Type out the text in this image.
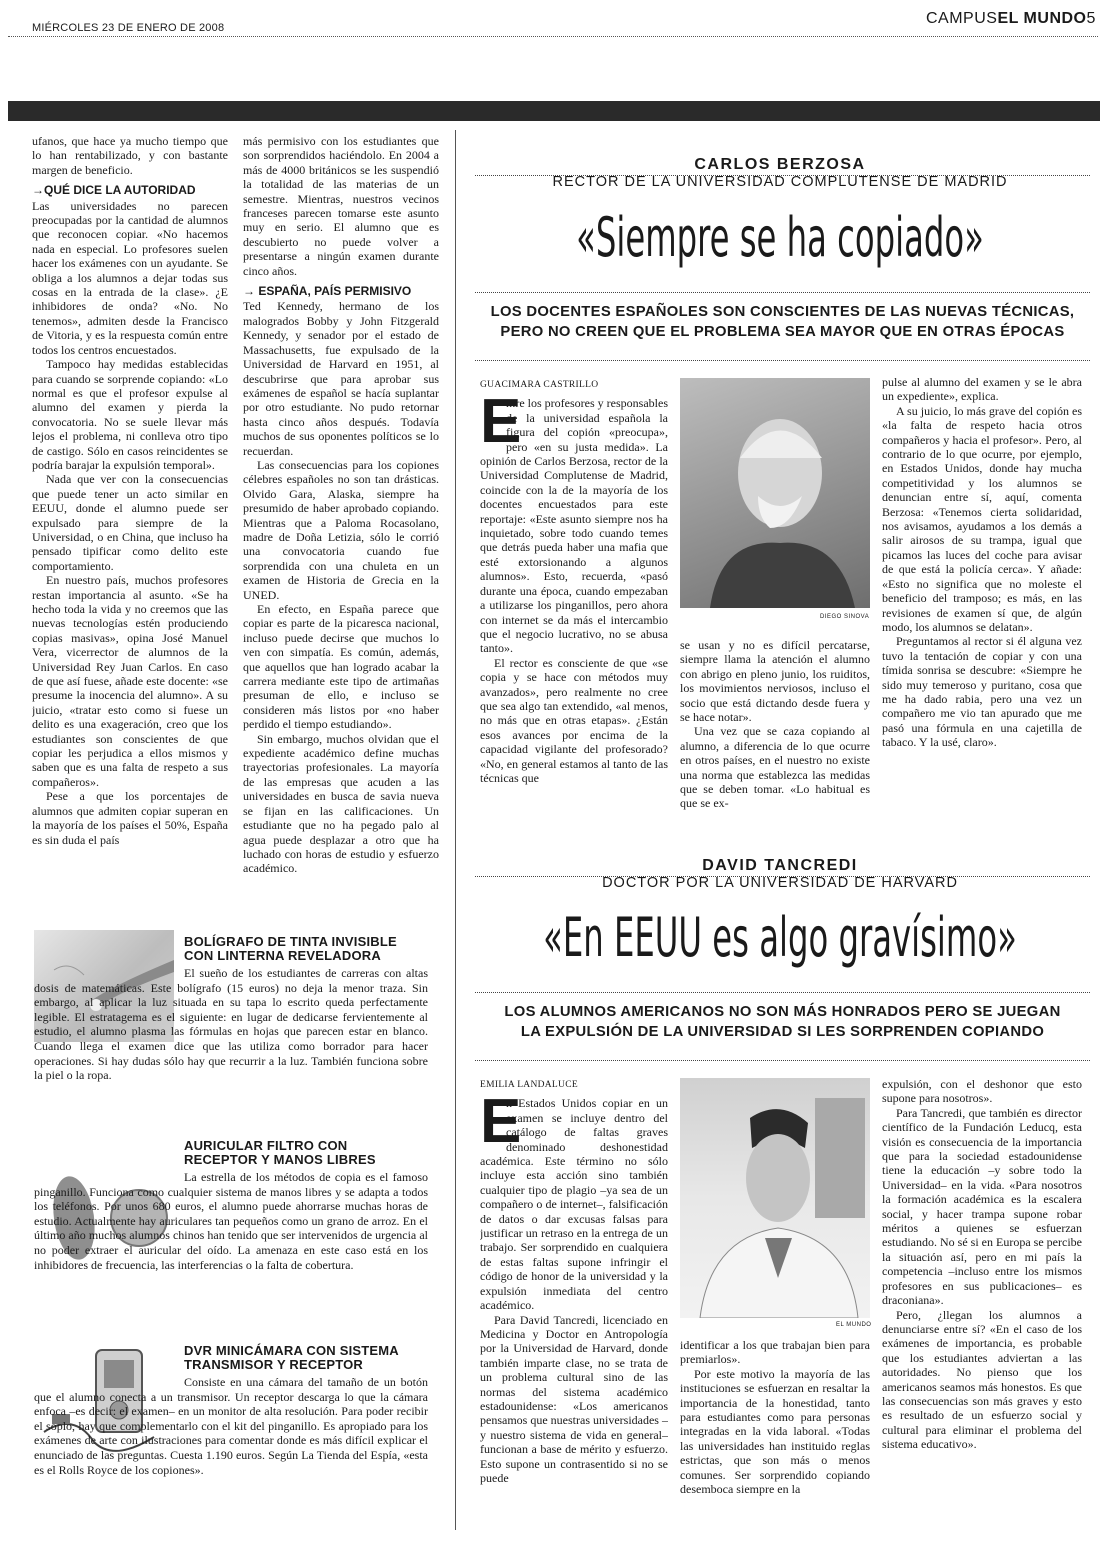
MIÉRCOLES 23 DE ENERO DE 2008
CAMPUSEL MUNDO5

ufanos, que hace ya mucho tiempo que lo han rentabilizado, y con bastante margen de beneficio.

→QUÉ DICE LA AUTORIDAD

Las universidades no parecen preocupadas por la cantidad de alumnos que reconocen copiar. «No hacemos nada en especial. Lo profesores suelen hacer los exámenes con un ayudante. Se obliga a los alumnos a dejar todas sus cosas en la entrada de la clase». ¿E inhibidores de onda? «No. No tenemos», admiten desde la Francisco de Vitoria, y es la respuesta común entre todos los centros encuestados.

Tampoco hay medidas establecidas para cuando se sorprende copiando: «Lo normal es que el profesor expulse al alumno del examen y pierda la convocatoria. No se suele llevar más lejos el problema, ni conlleva otro tipo de castigo. Sólo en casos reincidentes se podría barajar la expulsión temporal».

Nada que ver con la consecuencias que puede tener un acto similar en EEUU, donde el alumno puede ser expulsado para siempre de la Universidad, o en China, que incluso ha pensado tipificar como delito este comportamiento.

En nuestro país, muchos profesores restan importancia al asunto. «Se ha hecho toda la vida y no creemos que las nuevas tecnologías estén produciendo copias masivas», opina José Manuel Vera, vicerrector de alumnos de la Universidad Rey Juan Carlos. En caso de que así fuese, añade este docente: «se presume la inocencia del alumno». A su juicio, «tratar esto como si fuese un delito es una exageración, creo que los estudiantes son conscientes de que copiar les perjudica a ellos mismos y saben que es una falta de respeto a sus compañeros».

Pese a que los porcentajes de alumnos que admiten copiar superan en la mayoría de los países el 50%, España es sin duda el país

más permisivo con los estudiantes que son sorprendidos haciéndolo. En 2004 a más de 4000 británicos se les suspendió la totalidad de las materias de un semestre. Mientras, nuestros vecinos franceses parecen tomarse este asunto muy en serio. El alumno que es descubierto no puede volver a presentarse a ningún examen durante cinco años.

→ ESPAÑA, PAÍS PERMISIVO

Ted Kennedy, hermano de los malogrados Bobby y John Fitzgerald Kennedy, y senador por el estado de Massachusetts, fue expulsado de la Universidad de Harvard en 1951, al descubrirse que para aprobar sus exámenes de español se hacía suplantar por otro estudiante. No pudo retornar hasta cinco años después. Todavía muchos de sus oponentes políticos se lo recuerdan.

Las consecuencias para los copiones célebres españoles no son tan drásticas. Olvido Gara, Alaska, siempre ha presumido de haber aprobado copiando. Mientras que a Paloma Rocasolano, madre de Doña Letizia, sólo le corrió una convocatoria cuando fue sorprendida con una chuleta en un examen de Historia de Grecia en la UNED.

En efecto, en España parece que copiar es parte de la picaresca nacional, incluso puede decirse que muchos lo ven con simpatía. Es común, además, que aquellos que han logrado acabar la carrera mediante este tipo de artimañas presuman de ello, e incluso se consideren más listos por «no haber perdido el tiempo estudiando».

Sin embargo, muchos olvidan que el expediente académico define muchas trayectorias profesionales. La mayoría de las empresas que acuden a las universidades en busca de savia nueva se fijan en las calificaciones. Un estudiante que no ha pegado palo al agua puede desplazar a otro que ha luchado con horas de estudio y esfuerzo académico.

BOLÍGRAFO DE TINTA INVISIBLE
CON LINTERNA REVELADORA
El sueño de los estudiantes de carreras con altas dosis de matemáticas. Este bolígrafo (15 euros) no deja la menor traza. Sin embargo, al aplicar la luz situada en su tapa lo escrito queda perfectamente legible. El estratagema es el siguiente: en lugar de dedicarse fervientemente al estudio, el alumno plasma las fórmulas en hojas que parecen estar en blanco. Cuando llega el examen dice que las utiliza como borrador para hacer operaciones. Si hay dudas sólo hay que recurrir a la luz. También funciona sobre la piel o la ropa.
AURICULAR FILTRO CON
RECEPTOR Y MANOS LIBRES
La estrella de los métodos de copia es el famoso pinganillo. Funciona como cualquier sistema de manos libres y se adapta a todos los teléfonos. Por unos 680 euros, el alumno puede ahorrarse muchas horas de estudio. Actualmente hay auriculares tan pequeños como un grano de arroz. En el último año muchos alumnos chinos han tenido que ser intervenidos de urgencia al no poder extraer el auricular del oído. La amenaza en este caso está en los inhibidores de frecuencia, las interferencias o la falta de cobertura.
DVR MINICÁMARA CON SISTEMA
TRANSMISOR Y RECEPTOR
Consiste en una cámara del tamaño de un botón que el alumno conecta a un transmisor. Un receptor descarga lo que la cámara enfoca –es decir: el examen– en un monitor de alta resolución. Para poder recibir el soplo, hay que complementarlo con el kit del pinganillo. Es apropiado para los exámenes de arte con ilustraciones para comentar donde es más difícil explicar el enunciado de las preguntas. Cuesta 1.190 euros. Según La Tienda del Espía, «esta es el Rolls Royce de los copiones».
CARLOS BERZOSA
RECTOR DE LA UNIVERSIDAD COMPLUTENSE DE MADRID
«Siempre se ha copiado»
LOS DOCENTES ESPAÑOLES SON CONSCIENTES DE LAS NUEVAS TÉCNICAS,
PERO NO CREEN QUE EL PROBLEMA SEA MAYOR QUE EN OTRAS ÉPOCAS
GUACIMARA CASTRILLO
E

ntre los profesores y responsables de la universidad española la figura del copión «preocupa», pero «en su justa medida». La opinión de Carlos Berzosa, rector de la Universidad Complutense de Madrid, coincide con la de la mayoría de los docentes encuestados para este reportaje: «Este asunto siempre nos ha inquietado, sobre todo cuando temes que detrás pueda haber una mafia que esté extorsionando a algunos alumnos». Esto, recuerda, «pasó durante una época, cuando empezaban a utilizarse los pinganillos, pero ahora con internet se da más el intercambio que el negocio lucrativo, no se abusa tanto».

El rector es consciente de que «se copia y se hace con métodos muy avanzados», pero realmente no cree que sea algo tan extendido, «al menos, no más que en otras etapas». ¿Están esos avances por encima de la capacidad vigilante del profesorado? «No, en general estamos al tanto de las técnicas que

DIEGO SINOVA

se usan y no es difícil percatarse, siempre llama la atención el alumno con abrigo en pleno junio, los ruiditos, los movimientos nerviosos, incluso el socio que está dictando desde fuera y se hace notar».

Una vez que se caza copiando al alumno, a diferencia de lo que ocurre en otros países, en el nuestro no existe una norma que establezca las medidas que se deben tomar. «Lo habitual es que se ex-

pulse al alumno del examen y se le abra un expediente», explica.

A su juicio, lo más grave del copión es «la falta de respeto hacia otros compañeros y hacia el profesor». Pero, al contrario de lo que ocurre, por ejemplo, en Estados Unidos, donde hay mucha competitividad y los alumnos se denuncian entre sí, aquí, comenta Berzosa: «Tenemos cierta solidaridad, nos avisamos, ayudamos a los demás a salir airosos de su trampa, igual que picamos las luces del coche para avisar de que está la policía cerca». Y añade: «Esto no significa que no moleste el beneficio del tramposo; es más, en las revisiones de examen sí que, de algún modo, los alumnos se delatan».

Preguntamos al rector si él alguna vez tuvo la tentación de copiar y con una tímida sonrisa se descubre: «Siempre he sido muy temeroso y puritano, cosa que me ha dado rabia, pero una vez un compañero me vio tan apurado que me pasó una fórmula en una cajetilla de tabaco. Y la usé, claro».

DAVID TANCREDI
DOCTOR POR LA UNIVERSIDAD DE HARVARD
«En EEUU es algo gravísimo»
LOS ALUMNOS AMERICANOS NO SON MÁS HONRADOS PERO SE JUEGAN
LA EXPULSIÓN DE LA UNIVERSIDAD SI LES SORPRENDEN COPIANDO
EMILIA LANDALUCE
E

n Estados Unidos copiar en un examen se incluye dentro del catálogo de faltas graves denominado deshonestidad académica. Este término no sólo incluye esta acción sino también cualquier tipo de plagio –ya sea de un compañero o de internet–, falsificación de datos o dar excusas falsas para justificar un retraso en la entrega de un trabajo. Ser sorprendido en cualquiera de estas faltas supone infringir el código de honor de la universidad y la expulsión inmediata del centro académico.

Para David Tancredi, licenciado en Medicina y Doctor en Antropología por la Universidad de Harvard, donde también imparte clase, no se trata de un problema cultural sino de las normas del sistema académico estadounidense: «Los americanos pensamos que nuestras universidades –y nuestro sistema de vida en general– funcionan a base de mérito y esfuerzo. Esto supone un contrasentido si no se puede

EL MUNDO

identificar a los que trabajan bien para premiarlos».

Por este motivo la mayoría de las instituciones se esfuerzan en resaltar la importancia de la honestidad, tanto para estudiantes como para personas integradas en la vida laboral. «Todas las universidades han instituido reglas estrictas, que son más o menos comunes. Ser sorprendido copiando desemboca siempre en la

expulsión, con el deshonor que esto supone para nosotros».

Para Tancredi, que también es director científico de la Fundación Leducq, esta visión es consecuencia de la importancia que para la sociedad estadounidense tiene la educación –y sobre todo la Universidad– en la vida. «Para nosotros la formación académica es la escalera social, y hacer trampa supone robar méritos a quienes se esfuerzan estudiando. No sé si en Europa se percibe la situación así, pero en mi país la competencia –incluso entre los mismos profesores en sus publicaciones– es draconiana».

Pero, ¿llegan los alumnos a denunciarse entre sí? «En el caso de los exámenes de importancia, es probable que los estudiantes adviertan a las autoridades. No pienso que los americanos seamos más honestos. Es que las consecuencias son más graves y esto es resultado de un esfuerzo social y cultural para eliminar el problema del sistema educativo».
